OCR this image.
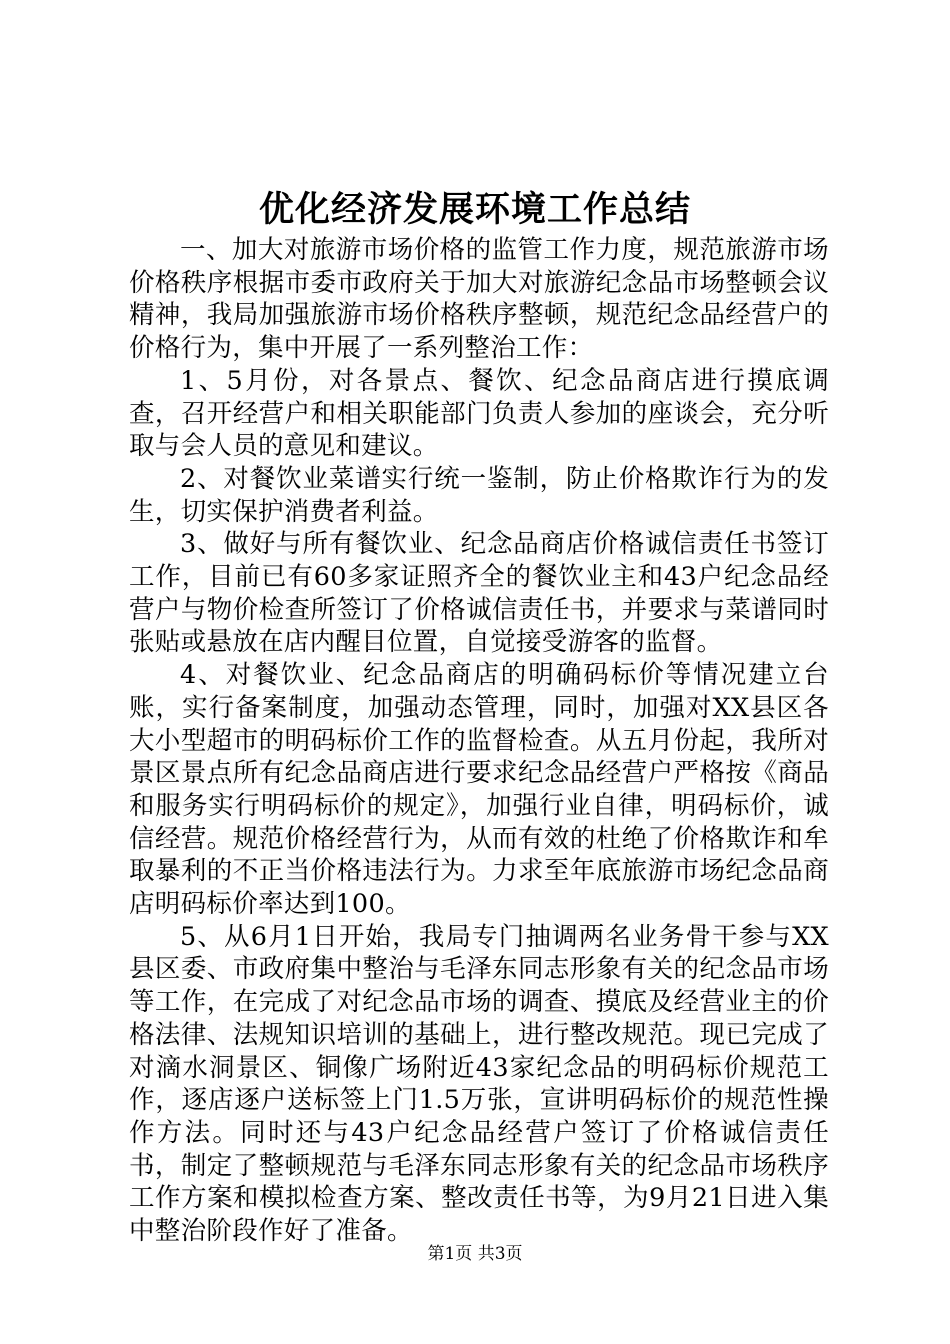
优化经济发展环境工作总结

一、加大对旅游市场价格的监管工作力度，规范旅游市场价格秩序根据市委市政府关于加大对旅游纪念品市场整顿会议精神，我局加强旅游市场价格秩序整顿，规范纪念品经营户的价格行为，集中开展了一系列整治工作：

1、5月份，对各景点、餐饮、纪念品商店进行摸底调查，召开经营户和相关职能部门负责人参加的座谈会，充分听取与会人员的意见和建议。

2、对餐饮业菜谱实行统一鉴制，防止价格欺诈行为的发生，切实保护消费者利益。

3、做好与所有餐饮业、纪念品商店价格诚信责任书签订工作，目前已有60多家证照齐全的餐饮业主和43户纪念品经营户与物价检查所签订了价格诚信责任书，并要求与菜谱同时张贴或悬放在店内醒目位置，自觉接受游客的监督。

4、对餐饮业、纪念品商店的明确码标价等情况建立台账，实行备案制度，加强动态管理，同时，加强对XX县区各大小型超市的明码标价工作的监督检查。从五月份起，我所对景区景点所有纪念品商店进行要求纪念品经营户严格按《商品和服务实行明码标价的规定》，加强行业自律，明码标价，诚信经营。规范价格经营行为，从而有效的杜绝了价格欺诈和牟取暴利的不正当价格违法行为。力求至年底旅游市场纪念品商店明码标价率达到100。

5、从6月1日开始，我局专门抽调两名业务骨干参与XX县区委、市政府集中整治与毛泽东同志形象有关的纪念品市场等工作，在完成了对纪念品市场的调查、摸底及经营业主的价格法律、法规知识培训的基础上，进行整改规范。现已完成了对滴水洞景区、铜像广场附近43家纪念品的明码标价规范工作，逐店逐户送标签上门1.5万张，宣讲明码标价的规范性操作方法。同时还与43户纪念品经营户签订了价格诚信责任书，制定了整顿规范与毛泽东同志形象有关的纪念品市场秩序工作方案和模拟检查方案、整改责任书等，为9月21日进入集中整治阶段作好了准备。

第1页 共3页
